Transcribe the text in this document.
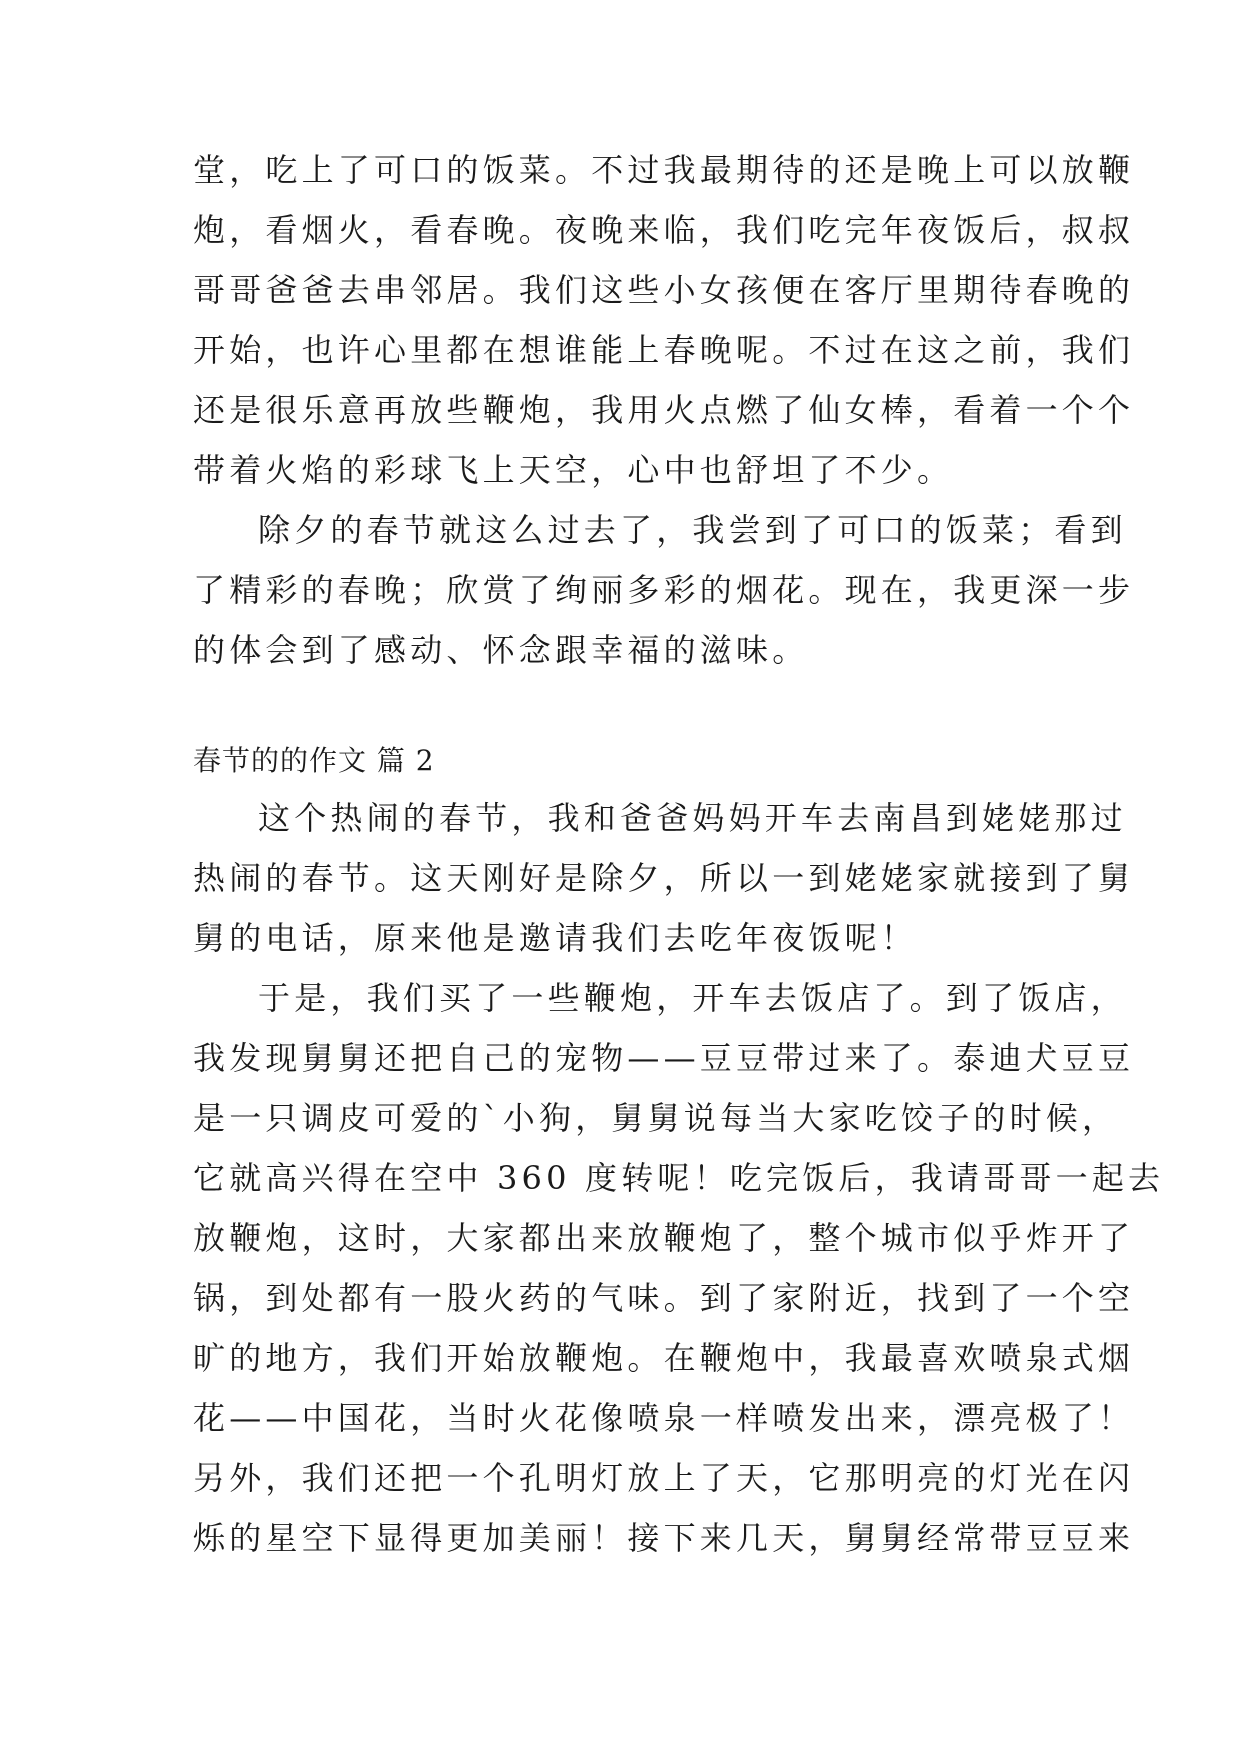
堂，吃上了可口的饭菜。不过我最期待的还是晚上可以放鞭
炮，看烟火，看春晚。夜晚来临，我们吃完年夜饭后，叔叔
哥哥爸爸去串邻居。我们这些小女孩便在客厅里期待春晚的
开始，也许心里都在想谁能上春晚呢。不过在这之前，我们
还是很乐意再放些鞭炮，我用火点燃了仙女棒，看着一个个
带着火焰的彩球飞上天空，心中也舒坦了不少。
除夕的春节就这么过去了，我尝到了可口的饭菜；看到
了精彩的春晚；欣赏了绚丽多彩的烟花。现在，我更深一步
的体会到了感动、怀念跟幸福的滋味。
春节的的作文 篇 2
这个热闹的春节，我和爸爸妈妈开车去南昌到姥姥那过
热闹的春节。这天刚好是除夕，所以一到姥姥家就接到了舅
舅的电话，原来他是邀请我们去吃年夜饭呢！
于是，我们买了一些鞭炮，开车去饭店了。到了饭店，
我发现舅舅还把自己的宠物——豆豆带过来了。泰迪犬豆豆
是一只调皮可爱的`小狗，舅舅说每当大家吃饺子的时候，
它就高兴得在空中 360 度转呢！吃完饭后，我请哥哥一起去
放鞭炮，这时，大家都出来放鞭炮了，整个城市似乎炸开了
锅，到处都有一股火药的气味。到了家附近，找到了一个空
旷的地方，我们开始放鞭炮。在鞭炮中，我最喜欢喷泉式烟
花——中国花，当时火花像喷泉一样喷发出来，漂亮极了！
另外，我们还把一个孔明灯放上了天，它那明亮的灯光在闪
烁的星空下显得更加美丽！接下来几天，舅舅经常带豆豆来
